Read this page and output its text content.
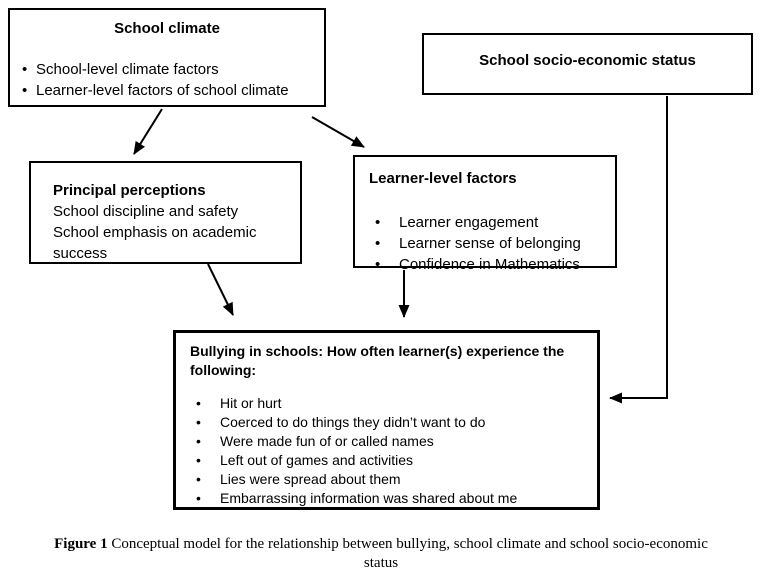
School climate
• School-level climate factors
• Learner-level factors of school climate
School socio-economic status
Principal perceptions
School discipline and safety
School emphasis on academic success
Learner-level factors
• Learner engagement
• Learner sense of belonging
• Confidence in Mathematics
Bullying in schools: How often learner(s) experience the following:
• Hit or hurt
• Coerced to do things they didn’t want to do
• Were made fun of or called names
• Left out of games and activities
• Lies were spread about them
• Embarrassing information was shared about me
Figure 1 Conceptual model for the relationship between bullying, school climate and school socio-economic status
